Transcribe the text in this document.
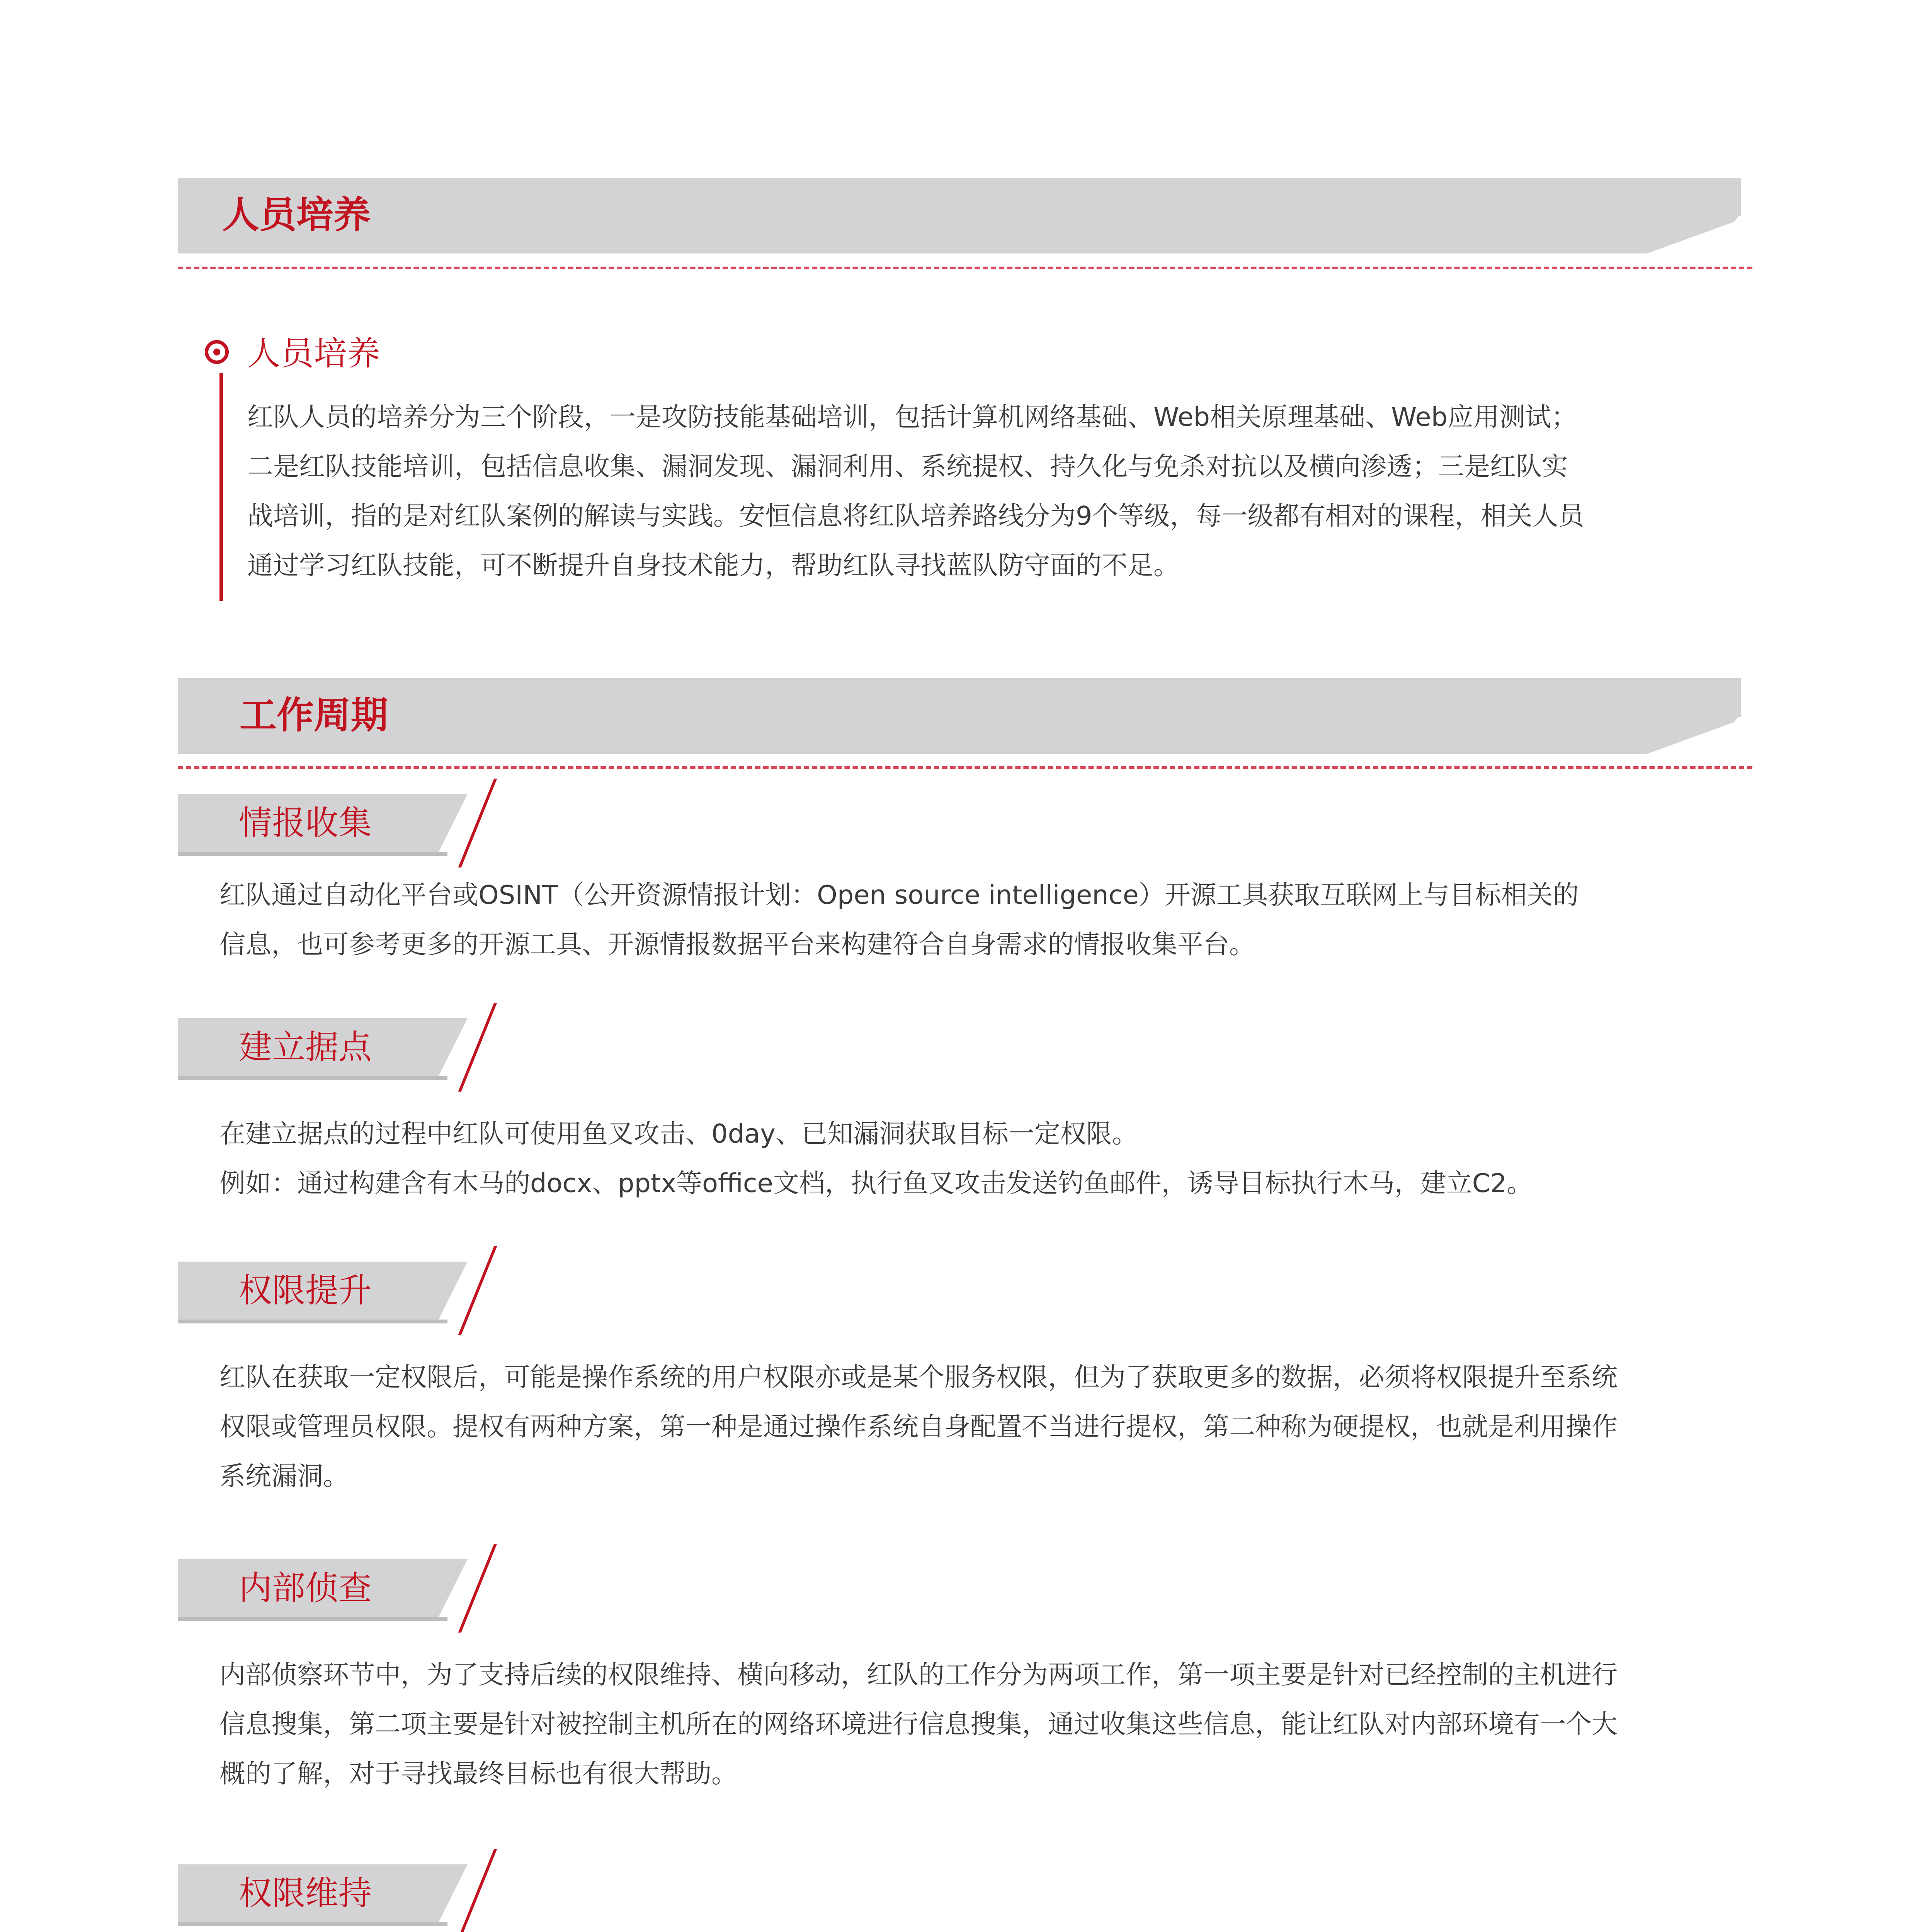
人员培养
人员培养

红队人员的培养分为三个阶段，一是攻防技能基础培训，包括计算机网络基础、Web相关原理基础、Web应用测试；
二是红队技能培训，包括信息收集、漏洞发现、漏洞利用、系统提权、持久化与免杀对抗以及横向渗透；三是红队实
战培训，指的是对红队案例的解读与实践。安恒信息将红队培养路线分为9个等级，每一级都有相对的课程，相关人员
通过学习红队技能，可不断提升自身技术能力，帮助红队寻找蓝队防守面的不足。

工作周期
情报收集

红队通过自动化平台或OSINT（公开资源情报计划：Open source intelligence）开源工具获取互联网上与目标相关的
信息，也可参考更多的开源工具、开源情报数据平台来构建符合自身需求的情报收集平台。

建立据点

在建立据点的过程中红队可使用鱼叉攻击、0day、已知漏洞获取目标一定权限。
例如：通过构建含有木马的docx、pptx等office文档，执行鱼叉攻击发送钓鱼邮件，诱导目标执行木马，建立C2。

权限提升

红队在获取一定权限后，可能是操作系统的用户权限亦或是某个服务权限，但为了获取更多的数据，必须将权限提升至系统
权限或管理员权限。提权有两种方案，第一种是通过操作系统自身配置不当进行提权，第二种称为硬提权，也就是利用操作
系统漏洞。

内部侦查

内部侦察环节中，为了支持后续的权限维持、横向移动，红队的工作分为两项工作，第一项主要是针对已经控制的主机进行
信息搜集，第二项主要是针对被控制主机所在的网络环境进行信息搜集，通过收集这些信息，能让红队对内部环境有一个大
概的了解，对于寻找最终目标也有很大帮助。

权限维持
